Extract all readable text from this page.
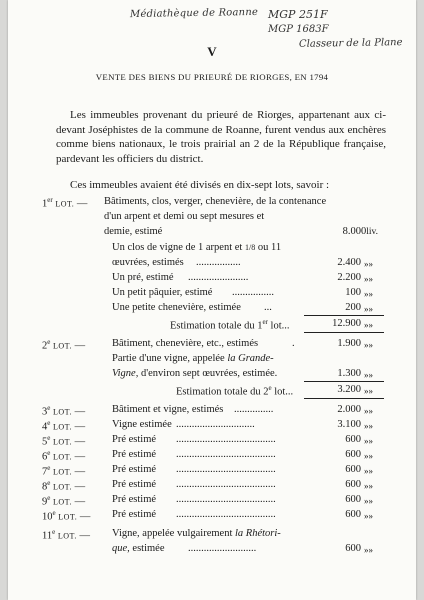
Médiathèque de Roanne MGP 251F
MGP 1683F
Classeur de la Plane
V
VENTE DES BIENS DU PRIEURÉ DE RIORGES, EN 1794
Les immeubles provenant du prieuré de Riorges, appartenant aux ci-devant Joséphistes de la commune de Roanne, furent vendus aux enchères comme biens nationaux, le trois prairial an 2 de la République française, pardevant les officiers du district.
Ces immeubles avaient été divisés en dix-sept lots, savoir :
1er LOT. — Bâtiments, clos, verger, chenevière, de la contenance
d'un arpent et demi ou sept mesures et
demie, estimé	8.000liv.
Un clos de vigne de 1 arpent et 1/8 ou 11
œuvrées, estimés .................	2.400 »»
Un pré, estimé .......................	2.200 »»
Un petit pâquier, estimé ................	100 »»
Une petite chenevière, estimée ...	200 »»
Estimation totale du 1er lot...	12.900 »»
2e LOT. —	Bâtiment, chenevière, etc., estimés	.	1.900 »»
Partie d'une vigne, appelée la Grande-
Vigne, d'environ sept œuvrées, estimée.	1.300 »»
Estimation totale du 2e lot...	3.200 »»
3e LOT. —	Bâtiment et vigne, estimés ...............	2.000 »»
4e LOT. —	Vigne estimée ..............................	3.100 »»
5e LOT. —	Pré estimé ......................................	600 »»
6e LOT. —	Pré estimé ......................................	600 »»
7e LOT. —	Pré estimé ......................................	600 »»
8e LOT. —	Pré estimé ......................................	600 »»
9e LOT. —	Pré estimé ......................................	600 »»
10e LOT. — Pré estimé ......................................	600 »»
11e LOT. — Vigne, appelée vulgairement la Rhétori-
que, estimée ..........................	600 »»
